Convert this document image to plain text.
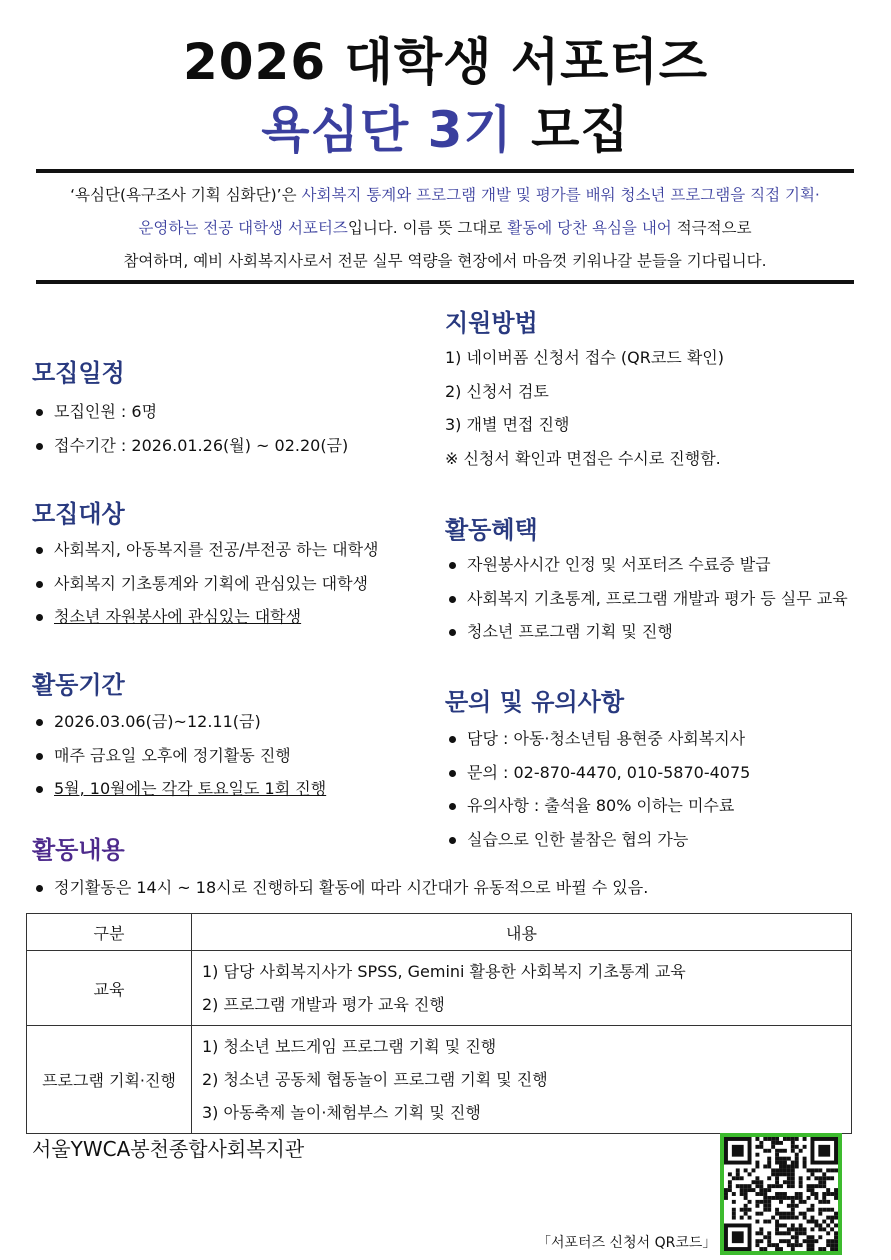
2026 대학생 서포터즈
욕심단 3기 모집
‘욕심단(욕구조사 기획 심화단)’은 사회복지 통계와 프로그램 개발 및 평가를 배워 청소년 프로그램을 직접 기획·
운영하는 전공 대학생 서포터즈입니다. 이름 뜻 그대로 활동에 당찬 욕심을 내어 적극적으로
참여하며, 예비 사회복지사로서 전문 실무 역량을 현장에서 마음껏 키워나갈 분들을 기다립니다.
모집일정
모집인원 : 6명
접수기간 : 2026.01.26(월) ~ 02.20(금)
모집대상
사회복지, 아동복지를 전공/부전공 하는 대학생
사회복지 기초통계와 기획에 관심있는 대학생
청소년 자원봉사에 관심있는 대학생
활동기간
2026.03.06(금)~12.11(금)
매주 금요일 오후에 정기활동 진행
5월, 10월에는 각각 토요일도 1회 진행
활동내용
정기활동은 14시 ~ 18시로 진행하되 활동에 따라 시간대가 유동적으로 바뀔 수 있음.
지원방법
1) 네이버폼 신청서 접수 (QR코드 확인)
2) 신청서 검토
3) 개별 면접 진행
※ 신청서 확인과 면접은 수시로 진행함.
활동혜택
자원봉사시간 인정 및 서포터즈 수료증 발급
사회복지 기초통계, 프로그램 개발과 평가 등 실무 교육
청소년 프로그램 기획 및 진행
문의 및 유의사항
담당 : 아동·청소년팀 용현중 사회복지사
문의 : 02-870-4470, 010-5870-4075
유의사항 : 출석율 80% 이하는 미수료
실습으로 인한 불참은 협의 가능
구분	내용
교육	1) 담당 사회복지사가 SPSS, Gemini 활용한 사회복지 기초통계 교육
2) 프로그램 개발과 평가 교육 진행

프로그램 기획·진행	1) 청소년 보드게임 프로그램 기획 및 진행
2) 청소년 공동체 협동놀이 프로그램 기획 및 진행
3) 아동축제 놀이·체험부스 기획 및 진행
서울YWCA봉천종합사회복지관
「서포터즈 신청서 QR코드」
